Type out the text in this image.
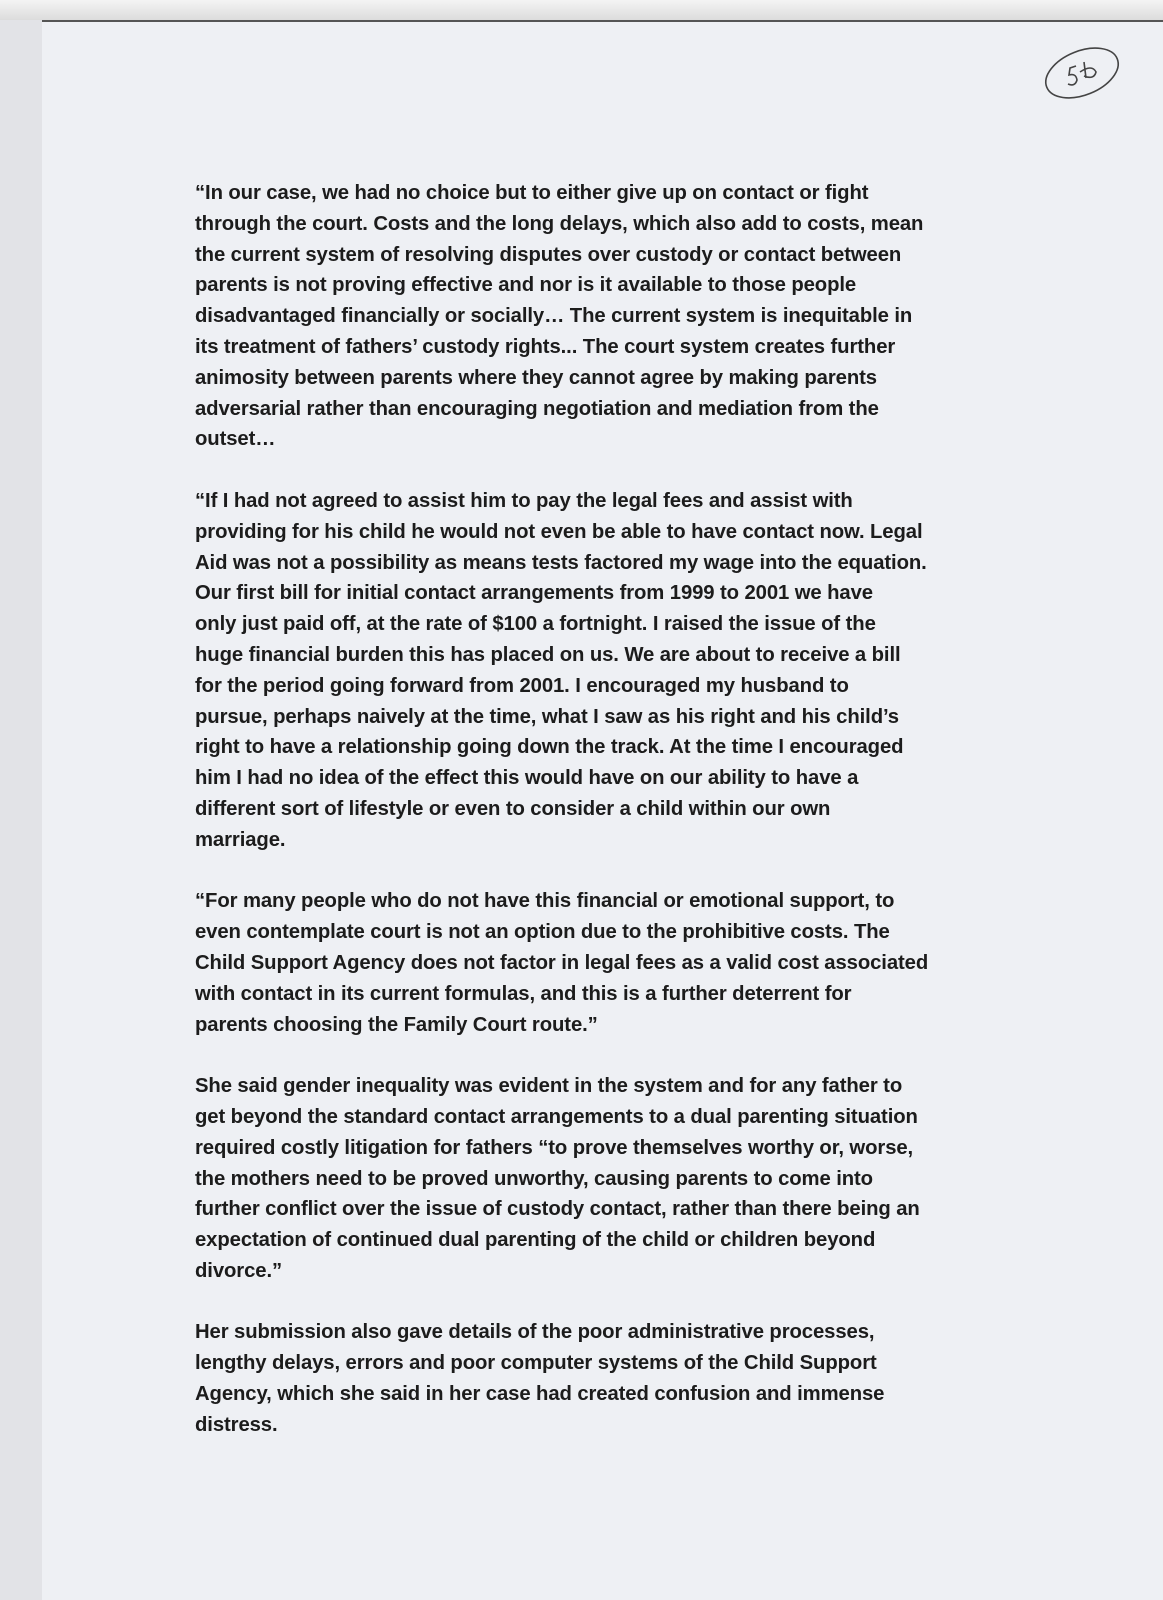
“In our case, we had no choice but to either give up on contact or fight
through the court. Costs and the long delays, which also add to costs, mean
the current system of resolving disputes over custody or contact between
parents is not proving effective and nor is it available to those people
disadvantaged financially or socially… The current system is inequitable in
its treatment of fathers’ custody rights... The court system creates further
animosity between parents where they cannot agree by making parents
adversarial rather than encouraging negotiation and mediation from the
outset…
“If I had not agreed to assist him to pay the legal fees and assist with
providing for his child he would not even be able to have contact now. Legal
Aid was not a possibility as means tests factored my wage into the equation.
Our first bill for initial contact arrangements from 1999 to 2001 we have
only just paid off, at the rate of $100 a fortnight. I raised the issue of the
huge financial burden this has placed on us. We are about to receive a bill
for the period going forward from 2001. I encouraged my husband to
pursue, perhaps naively at the time, what I saw as his right and his child’s
right to have a relationship going down the track. At the time I encouraged
him I had no idea of the effect this would have on our ability to have a
different sort of lifestyle or even to consider a child within our own
marriage.
“For many people who do not have this financial or emotional support, to
even contemplate court is not an option due to the prohibitive costs. The
Child Support Agency does not factor in legal fees as a valid cost associated
with contact in its current formulas, and this is a further deterrent for
parents choosing the Family Court route.”
She said gender inequality was evident in the system and for any father to
get beyond the standard contact arrangements to a dual parenting situation
required costly litigation for fathers “to prove themselves worthy or, worse,
the mothers need to be proved unworthy, causing parents to come into
further conflict over the issue of custody contact, rather than there being an
expectation of continued dual parenting of the child or children beyond
divorce.”
Her submission also gave details of the poor administrative processes,
lengthy delays, errors and poor computer systems of the Child Support
Agency, which she said in her case had created confusion and immense
distress.
